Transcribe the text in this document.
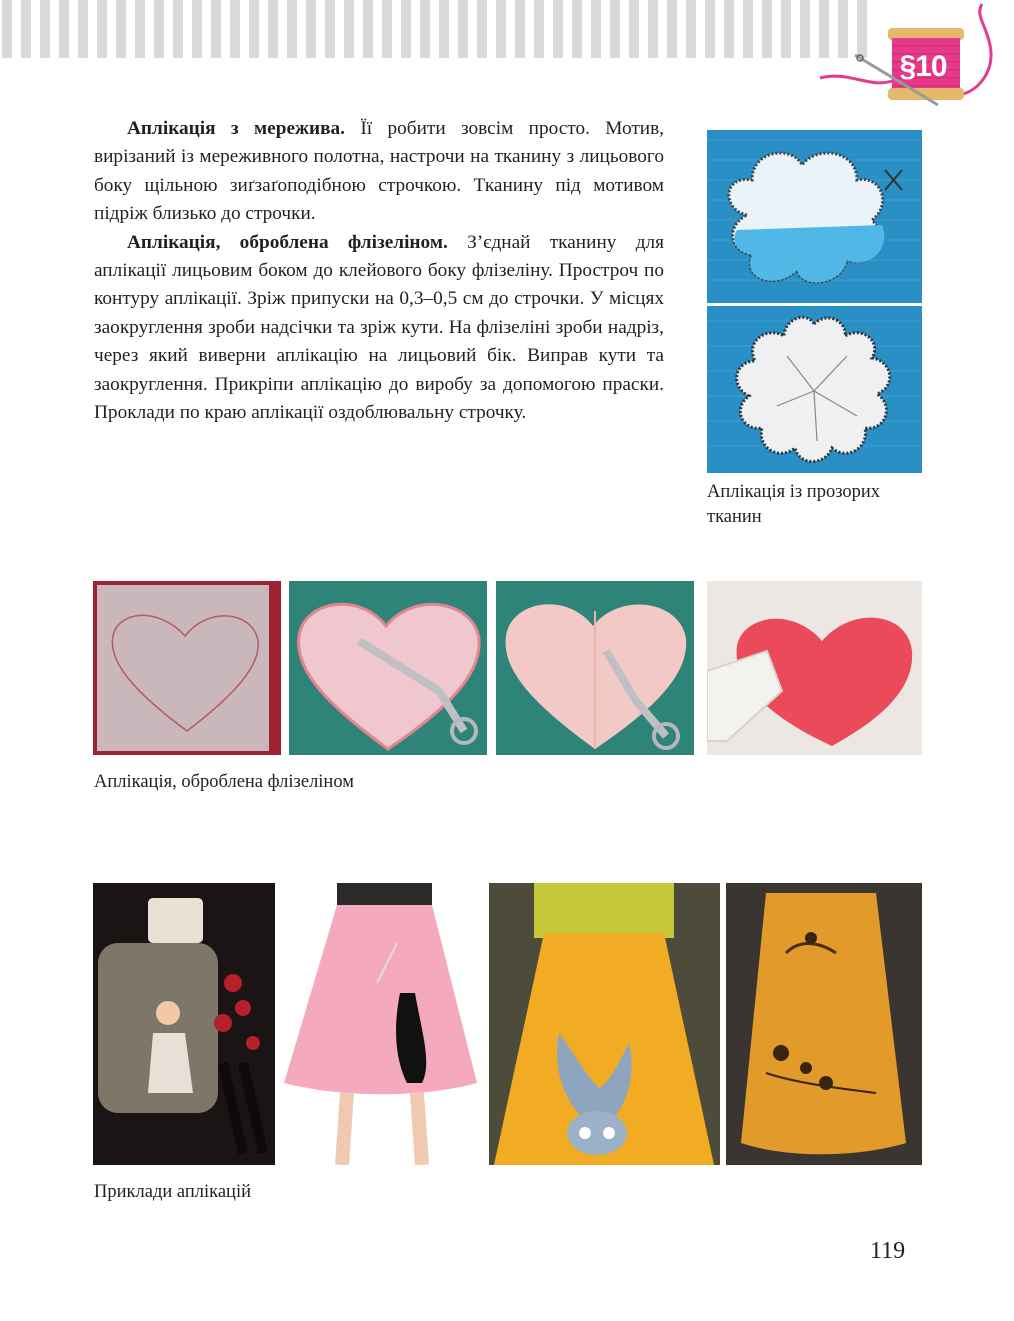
§10

Аплікація з мережива. Її робити зовсім просто. Мотив, вирізаний із мереживного полотна, настрочи на тканину з лицьового боку щільною зиґзаґоподібною строчкою. Тканину під мотивом підріж близько до строчки.

Аплікація, оброблена флізеліном. З’єднай тканину для аплікації лицьовим боком до клейового боку флізеліну. Простроч по контуру аплікації. Зріж припуски на 0,3–0,5 см до строчки. У місцях заокруглення зроби надсічки та зріж кути. На флізеліні зроби надріз, через який виверни аплікацію на лицьовий бік. Виправ кути та заокруглення. Прикріпи аплікацію до виробу за допомогою праски. Проклади по краю аплікації оздоблювальну строчку.

Аплікація із прозорих тканин
Аплікація, оброблена флізеліном
Приклади аплікацій
119
